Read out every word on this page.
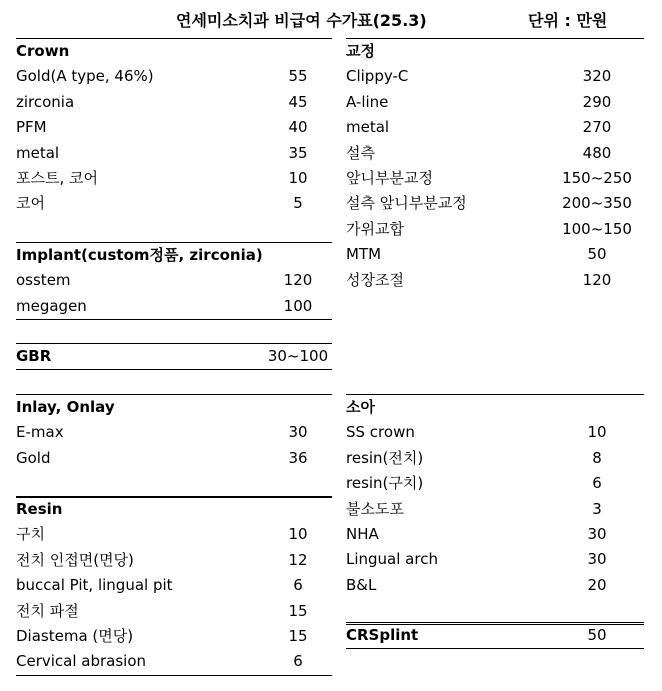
연세미소치과 비급여 수가표(25.3)	단위 : 만원
Crown
Gold(A type, 46%)	55
zirconia	45
PFM	40
metal	35
포스트, 코어	10
코어	5
Implant(custom정품, zirconia)
osstem	120
megagen	100
GBR	30~100
Inlay, Onlay
E-max	30
Gold	36
Resin
구치	10
전치 인접면(면당)	12
buccal Pit, lingual pit	6
전치 파절	15
Diastema (면당)	15
Cervical abrasion	6
교정
Clippy-C	320
A-line	290
metal	270
설측	480
앞니부분교정	150~250
설측 앞니부분교정	200~350
가위교합	100~150
MTM	50
성장조절	120
소아
SS crown	10
resin(전치)	8
resin(구치)	6
불소도포	3
NHA	30
Lingual arch	30
B&L	20
CRSplint	50
